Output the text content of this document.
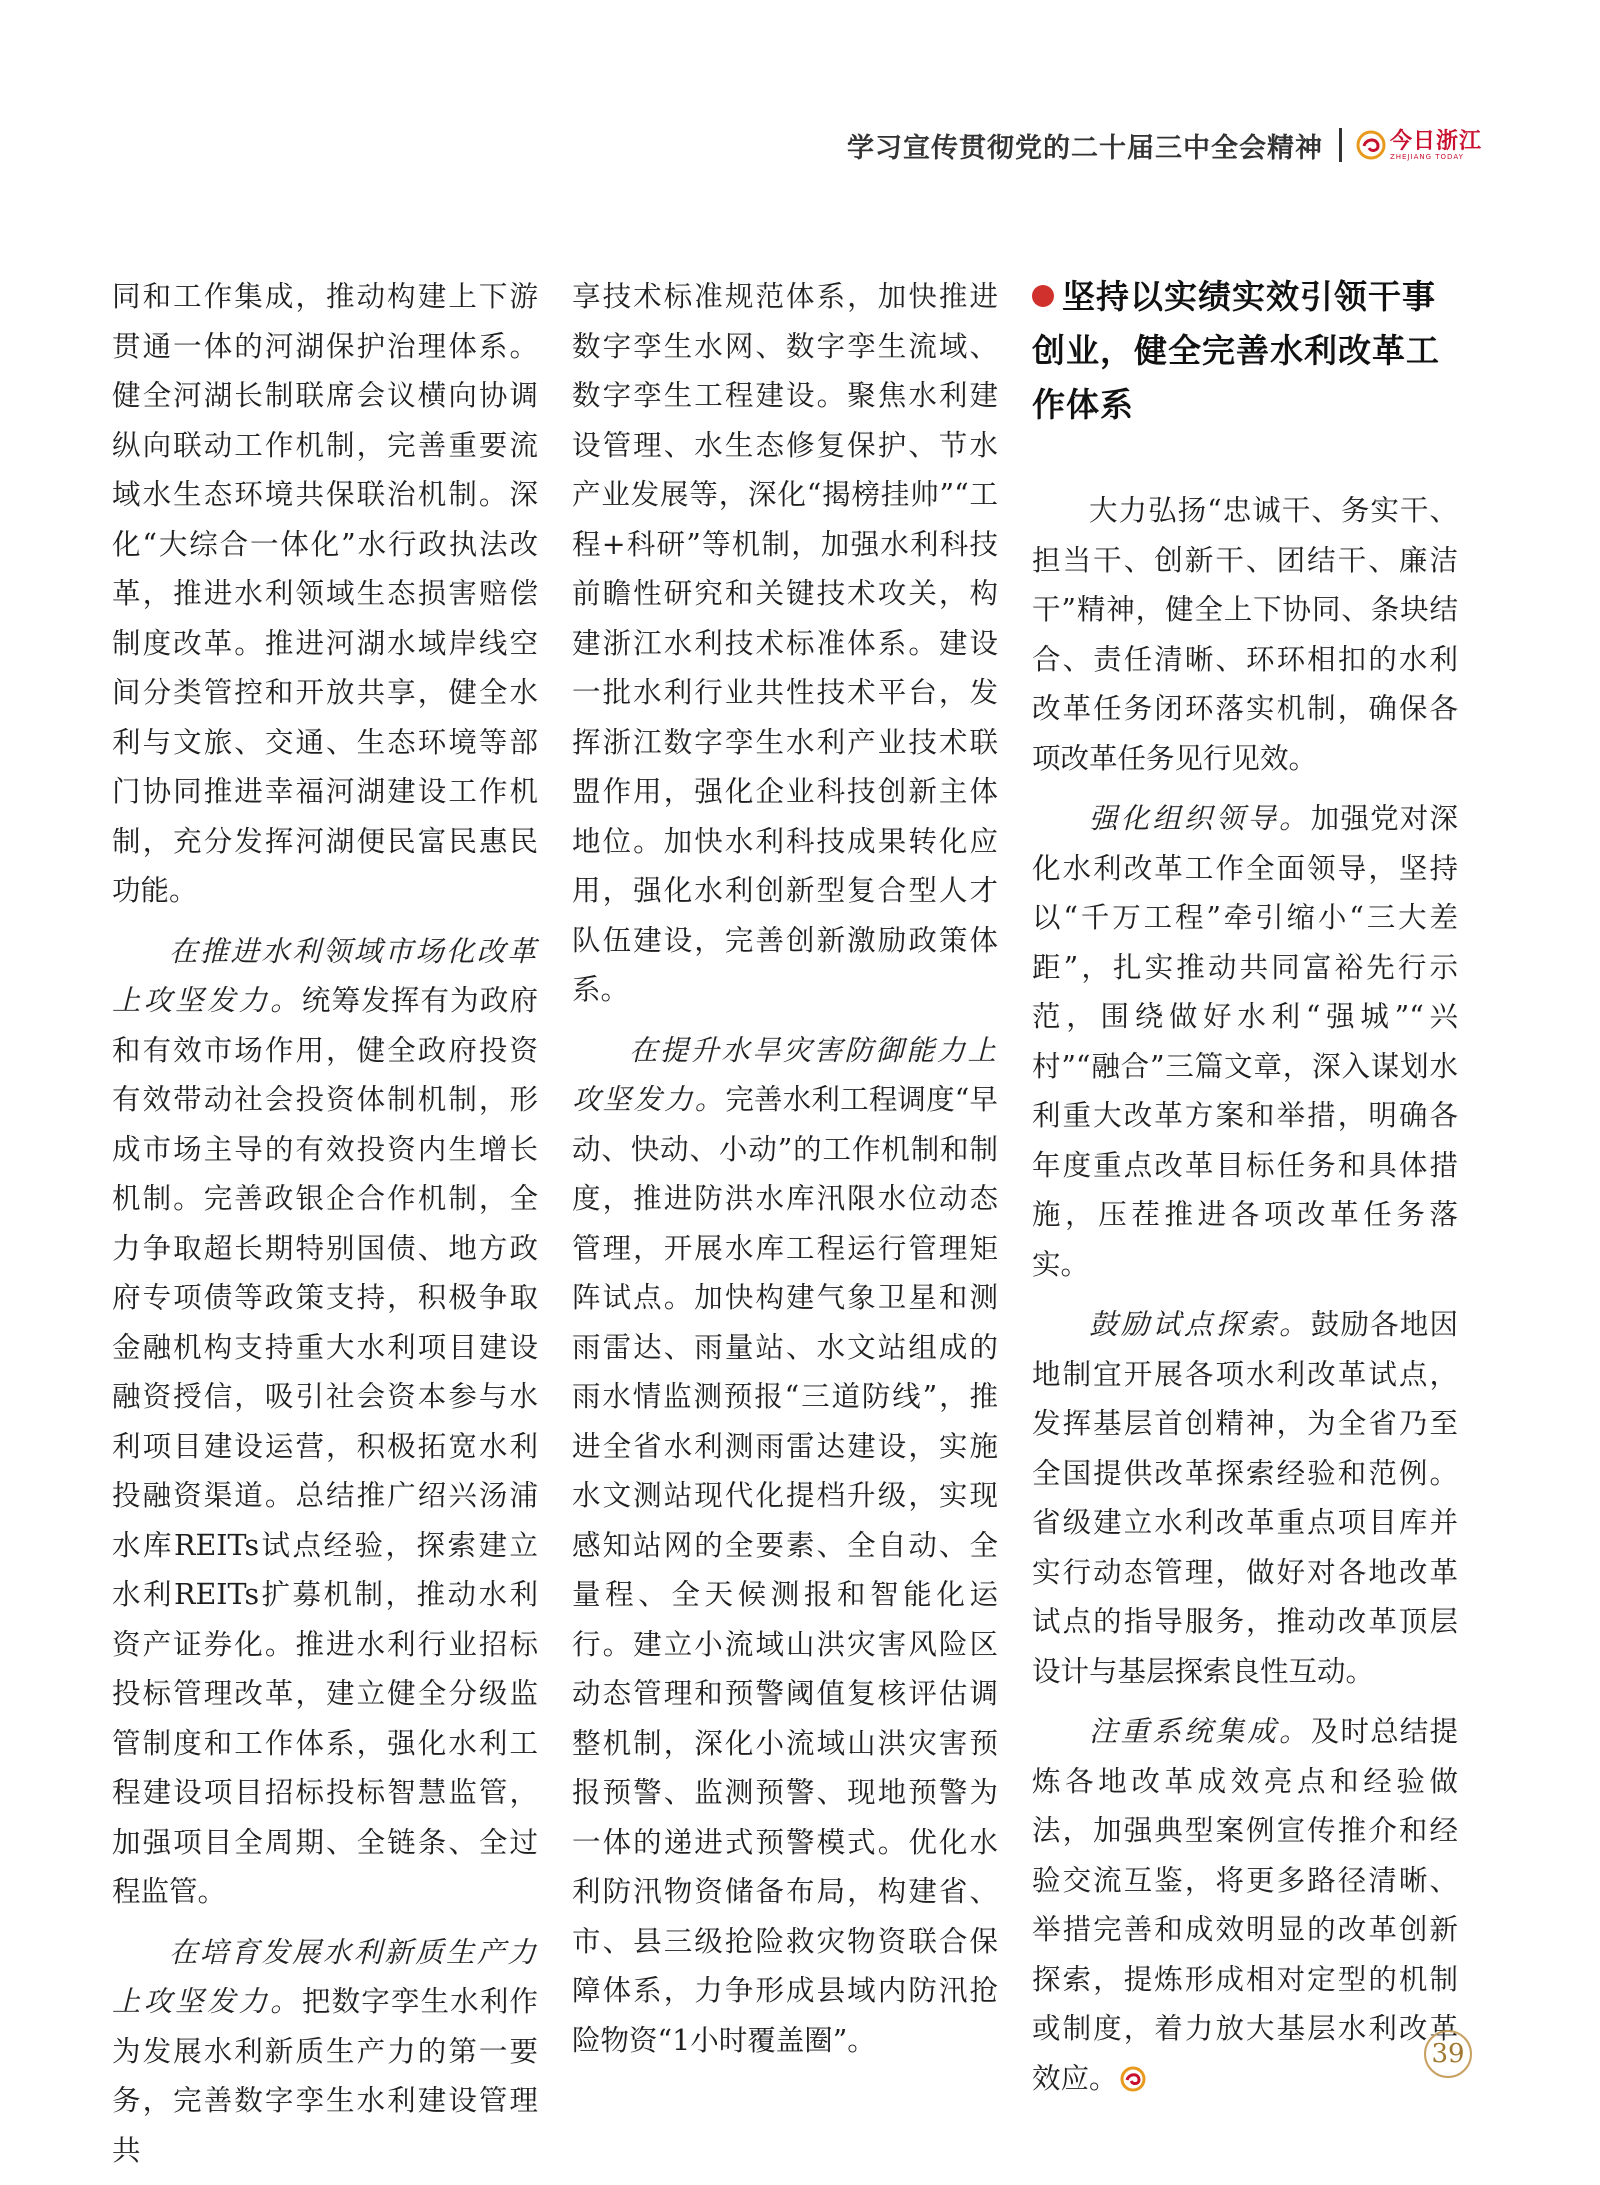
学习宣传贯彻党的二十届三中全会精神	今日浙江
ZHEJIANG TODAY

同和工作集成，推动构建上下游贯通一体的河湖保护治理体系。健全河湖长制联席会议横向协调纵向联动工作机制，完善重要流域水生态环境共保联治机制。深化“大综合一体化”水行政执法改革，推进水利领域生态损害赔偿制度改革。推进河湖水域岸线空间分类管控和开放共享，健全水利与文旅、交通、生态环境等部门协同推进幸福河湖建设工作机制，充分发挥河湖便民富民惠民功能。

在推进水利领域市场化改革上攻坚发力。统筹发挥有为政府和有效市场作用，健全政府投资有效带动社会投资体制机制，形成市场主导的有效投资内生增长机制。完善政银企合作机制，全力争取超长期特别国债、地方政府专项债等政策支持，积极争取金融机构支持重大水利项目建设融资授信，吸引社会资本参与水利项目建设运营，积极拓宽水利投融资渠道。总结推广绍兴汤浦水库REITs试点经验，探索建立水利REITs扩募机制，推动水利资产证券化。推进水利行业招标投标管理改革，建立健全分级监管制度和工作体系，强化水利工程建设项目招标投标智慧监管，加强项目全周期、全链条、全过程监管。

在培育发展水利新质生产力上攻坚发力。把数字孪生水利作为发展水利新质生产力的第一要务，完善数字孪生水利建设管理共

享技术标准规范体系，加快推进数字孪生水网、数字孪生流域、数字孪生工程建设。聚焦水利建设管理、水生态修复保护、节水产业发展等，深化“揭榜挂帅”“工程+科研”等机制，加强水利科技前瞻性研究和关键技术攻关，构建浙江水利技术标准体系。建设一批水利行业共性技术平台，发挥浙江数字孪生水利产业技术联盟作用，强化企业科技创新主体地位。加快水利科技成果转化应用，强化水利创新型复合型人才队伍建设，完善创新激励政策体系。

在提升水旱灾害防御能力上攻坚发力。完善水利工程调度“早动、快动、小动”的工作机制和制度，推进防洪水库汛限水位动态管理，开展水库工程运行管理矩阵试点。加快构建气象卫星和测雨雷达、雨量站、水文站组成的雨水情监测预报“三道防线”，推进全省水利测雨雷达建设，实施水文测站现代化提档升级，实现感知站网的全要素、全自动、全量程、全天候测报和智能化运行。建立小流域山洪灾害风险区动态管理和预警阈值复核评估调整机制，深化小流域山洪灾害预报预警、监测预警、现地预警为一体的递进式预警模式。优化水利防汛物资储备布局，构建省、市、县三级抢险救灾物资联合保障体系，力争形成县域内防汛抢险物资“1小时覆盖圈”。

坚持以实绩实效引领干事创业，健全完善水利改革工作体系

大力弘扬“忠诚干、务实干、担当干、创新干、团结干、廉洁干”精神，健全上下协同、条块结合、责任清晰、环环相扣的水利改革任务闭环落实机制，确保各项改革任务见行见效。

强化组织领导。加强党对深化水利改革工作全面领导，坚持以“千万工程”牵引缩小“三大差距”，扎实推动共同富裕先行示范，围绕做好水利“强城”“兴村”“融合”三篇文章，深入谋划水利重大改革方案和举措，明确各年度重点改革目标任务和具体措施，压茬推进各项改革任务落实。

鼓励试点探索。鼓励各地因地制宜开展各项水利改革试点，发挥基层首创精神，为全省乃至全国提供改革探索经验和范例。省级建立水利改革重点项目库并实行动态管理，做好对各地改革试点的指导服务，推动改革顶层设计与基层探索良性互动。

注重系统集成。及时总结提炼各地改革成效亮点和经验做法，加强典型案例宣传推介和经验交流互鉴，将更多路径清晰、举措完善和成效明显的改革创新探索，提炼形成相对定型的机制或制度，着力放大基层水利改革效应。

39
